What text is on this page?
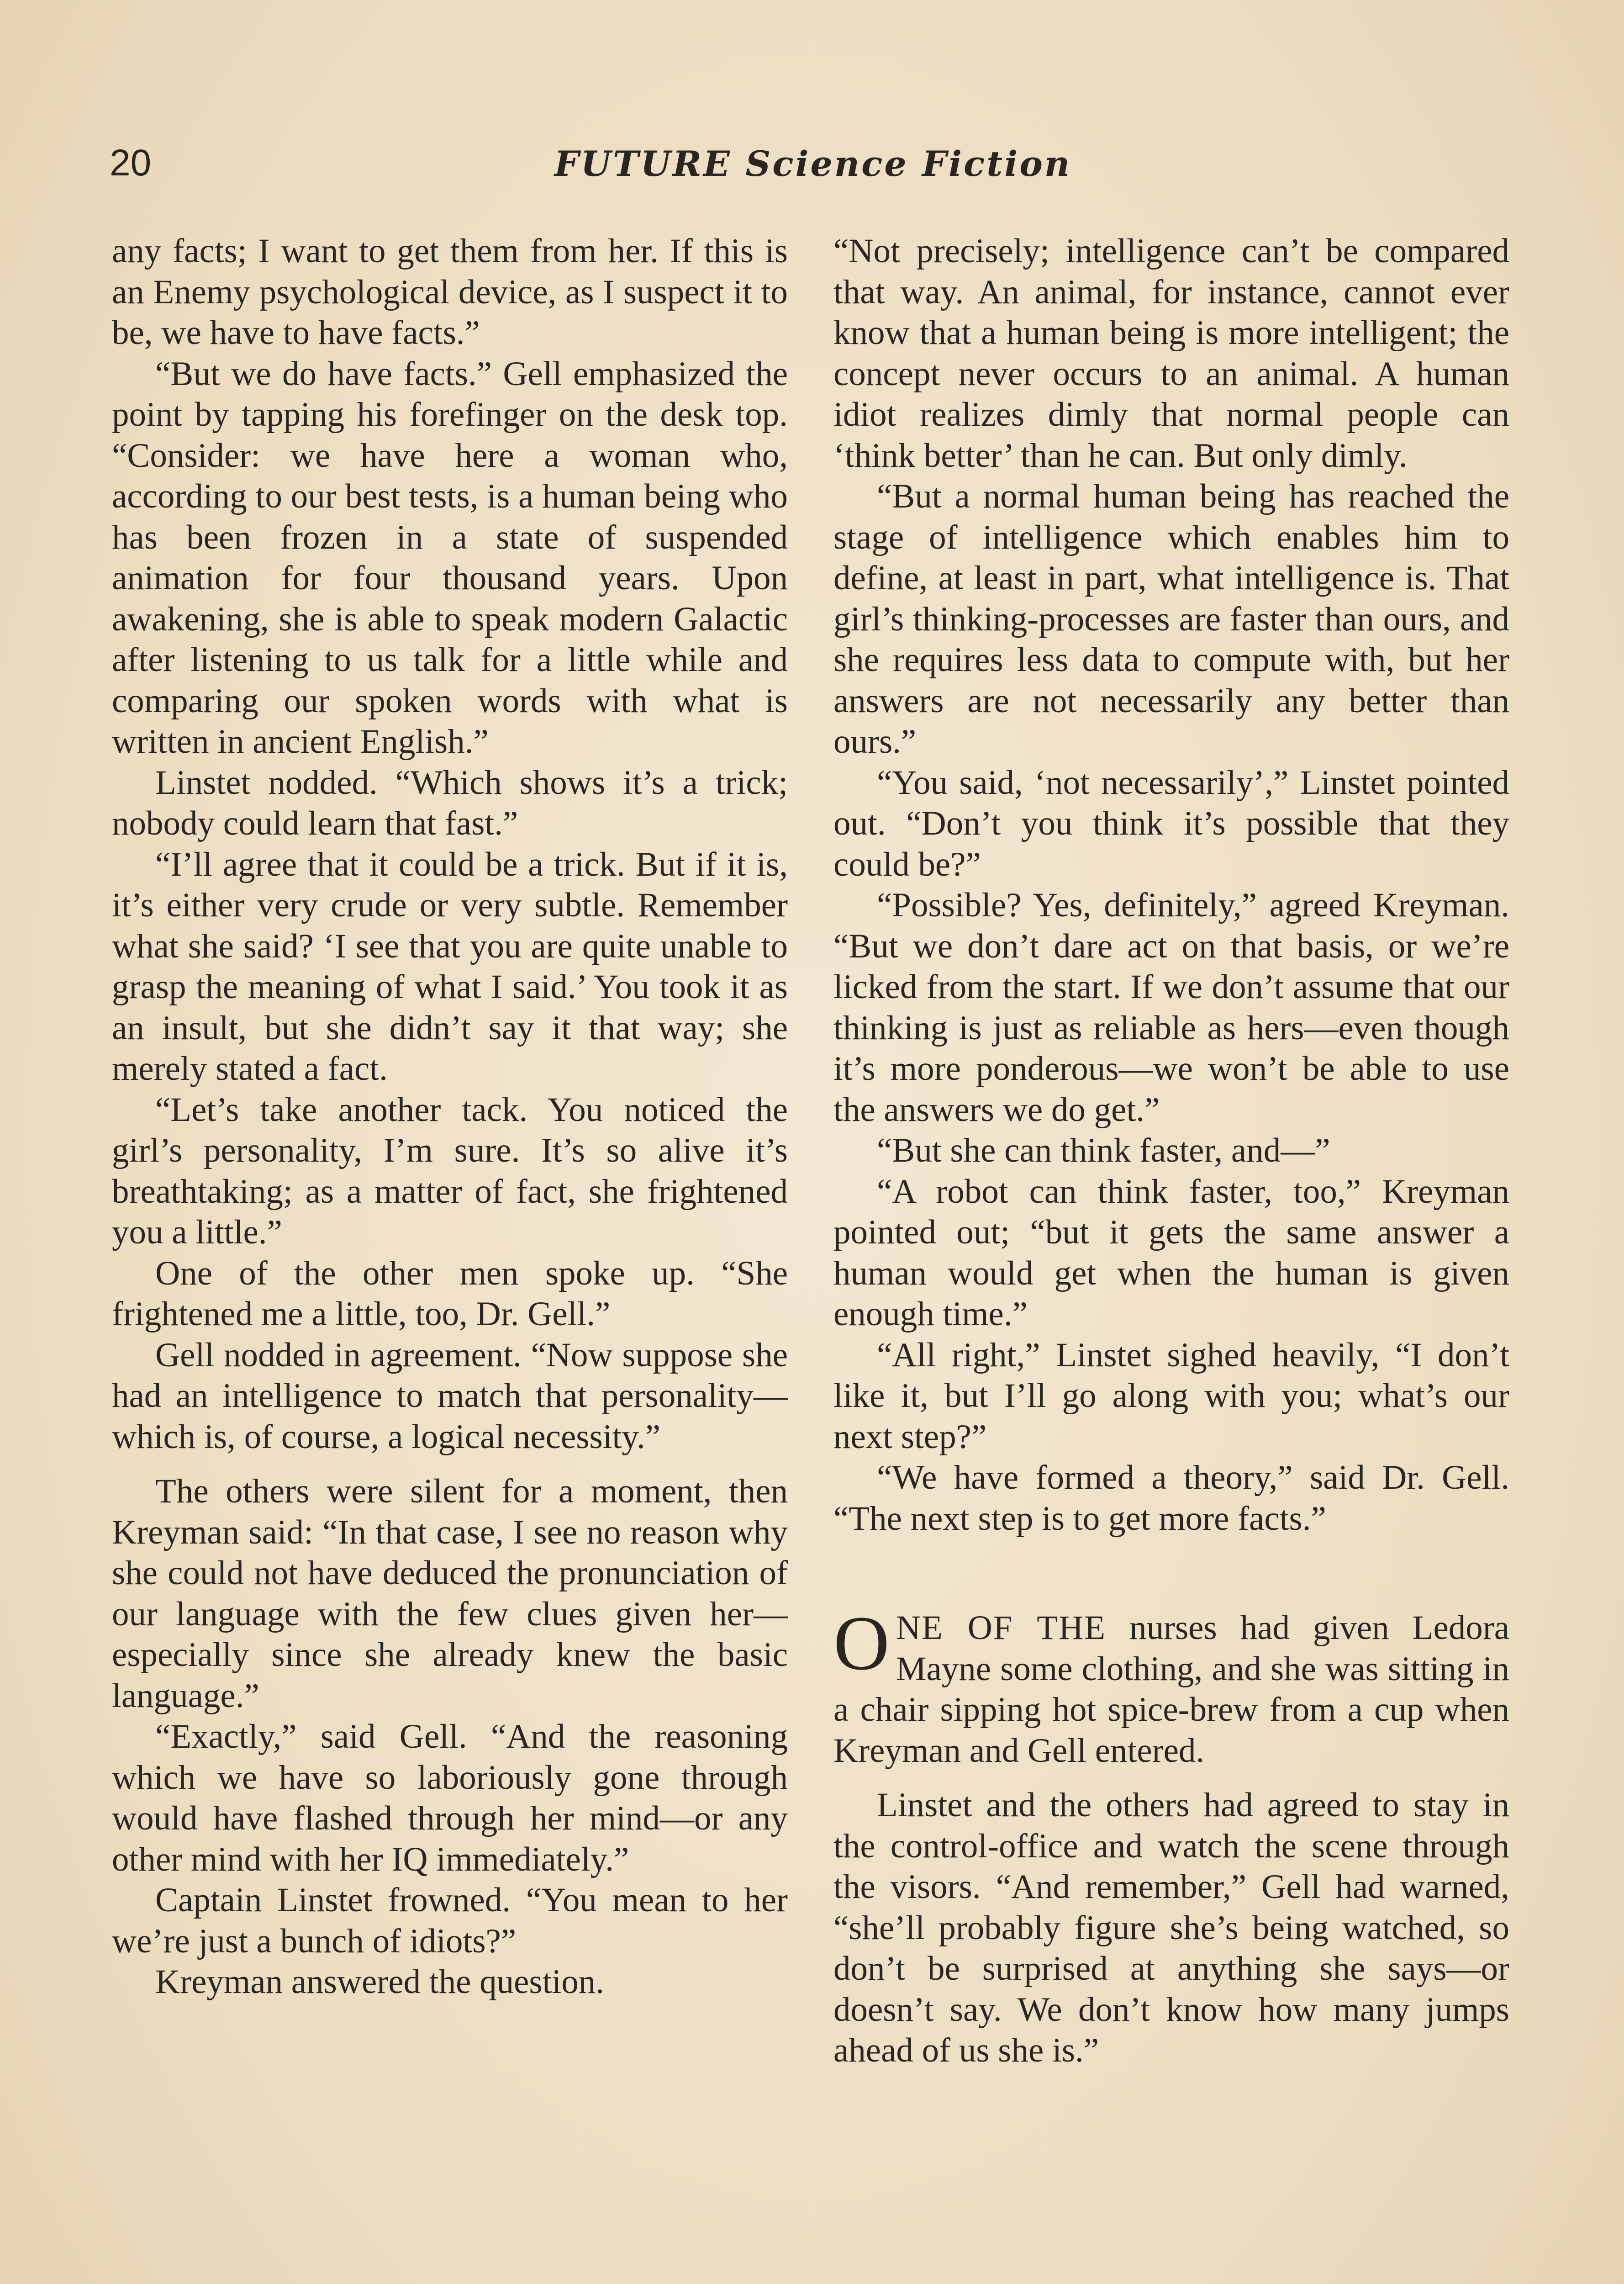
20	FUTURE Science Fiction

any facts; I want to get them from her. If this is an Enemy psychological device, as I suspect it to be, we have to have facts.”

“But we do have facts.” Gell emphasized the point by tapping his forefinger on the desk top. “Consider: we have here a woman who, according to our best tests, is a human being who has been frozen in a state of suspended animation for four thousand years. Upon awakening, she is able to speak modern Galactic after listening to us talk for a little while and comparing our spoken words with what is written in ancient English.”

Linstet nodded. “Which shows it’s a trick; nobody could learn that fast.”

“I’ll agree that it could be a trick. But if it is, it’s either very crude or very subtle. Remember what she said? ‘I see that you are quite unable to grasp the meaning of what I said.’ You took it as an insult, but she didn’t say it that way; she merely stated a fact.

“Let’s take another tack. You noticed the girl’s personality, I’m sure. It’s so alive it’s breathtaking; as a matter of fact, she frightened you a little.”

One of the other men spoke up. “She frightened me a little, too, Dr. Gell.”

Gell nodded in agreement. “Now suppose she had an intelligence to match that personality—which is, of course, a logical necessity.”

The others were silent for a moment, then Kreyman said: “In that case, I see no reason why she could not have deduced the pronunciation of our language with the few clues given her—especially since she already knew the basic language.”

“Exactly,” said Gell. “And the reasoning which we have so laboriously gone through would have flashed through her mind—or any other mind with her IQ immediately.”

Captain Linstet frowned. “You mean to her we’re just a bunch of idiots?”

Kreyman answered the question.

“Not precisely; intelligence can’t be compared that way. An animal, for instance, cannot ever know that a human being is more intelligent; the concept never occurs to an animal. A human idiot realizes dimly that normal people can ‘think better’ than he can. But only dimly.

“But a normal human being has reached the stage of intelligence which enables him to define, at least in part, what intelligence is. That girl’s thinking-processes are faster than ours, and she requires less data to compute with, but her answers are not necessarily any better than ours.”

“You said, ‘not necessarily’,” Linstet pointed out. “Don’t you think it’s possible that they could be?”

“Possible? Yes, definitely,” agreed Kreyman. “But we don’t dare act on that basis, or we’re licked from the start. If we don’t assume that our thinking is just as reliable as hers—even though it’s more ponderous—we won’t be able to use the answers we do get.”

“But she can think faster, and—”

“A robot can think faster, too,” Kreyman pointed out; “but it gets the same answer a human would get when the human is given enough time.”

“All right,” Linstet sighed heavily, “I don’t like it, but I’ll go along with you; what’s our next step?”

“We have formed a theory,” said Dr. Gell. “The next step is to get more facts.”

ONE OF THE nurses had given Ledora Mayne some clothing, and she was sitting in a chair sipping hot spice-brew from a cup when Kreyman and Gell entered.

Linstet and the others had agreed to stay in the control-office and watch the scene through the visors. “And remember,” Gell had warned, “she’ll probably figure she’s being watched, so don’t be surprised at anything she says—or doesn’t say. We don’t know how many jumps ahead of us she is.”
